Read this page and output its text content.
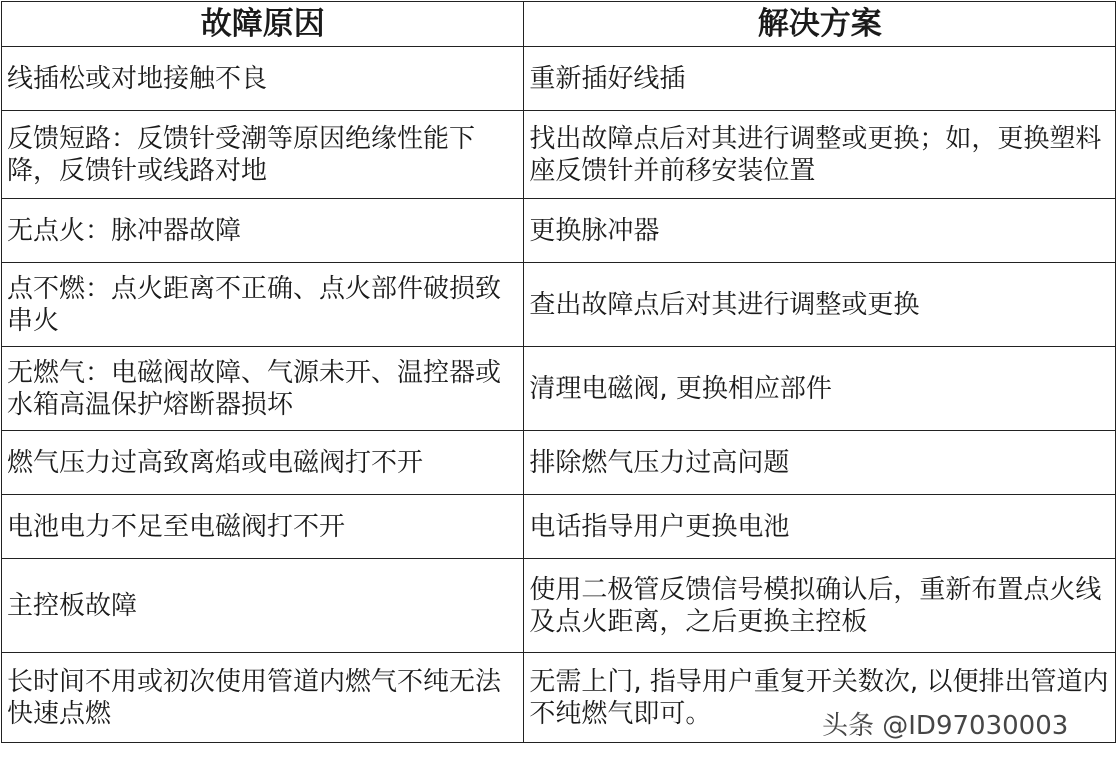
故障原因	解决方案
线插松或对地接触不良	重新插好线插
反馈短路：反馈针受潮等原因绝缘性能下降，反馈针或线路对地	找出故障点后对其进行调整或更换；如，更换塑料座反馈针并前移安装位置
无点火：脉冲器故障	更换脉冲器
点不燃：点火距离不正确、点火部件破损致串火	查出故障点后对其进行调整或更换
无燃气：电磁阀故障、气源未开、温控器或水箱高温保护熔断器损坏	清理电磁阀, 更换相应部件
燃气压力过高致离焰或电磁阀打不开	排除燃气压力过高问题
电池电力不足至电磁阀打不开	电话指导用户更换电池
主控板故障	使用二极管反馈信号模拟确认后，重新布置点火线及点火距离，之后更换主控板
长时间不用或初次使用管道内燃气不纯无法快速点燃	无需上门, 指导用户重复开关数次, 以便排出管道内不纯燃气即可。	头条 @ID97030003
